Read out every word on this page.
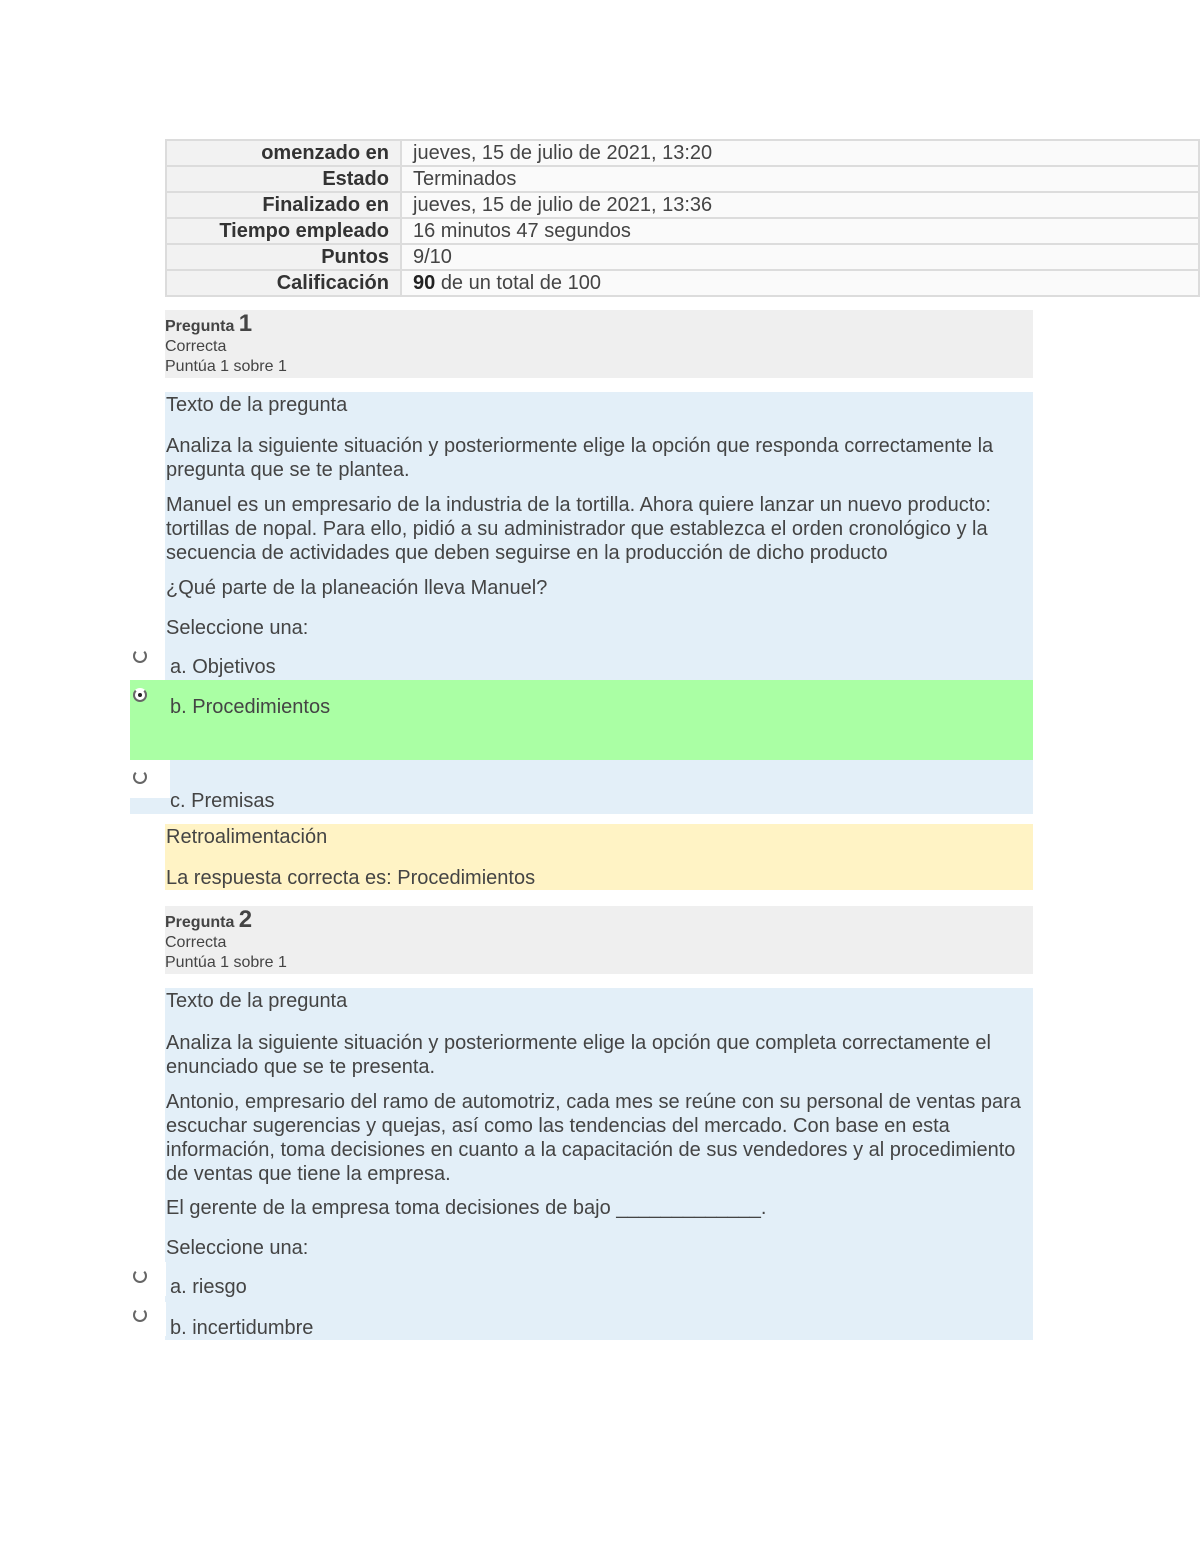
omenzado en	jueves, 15 de julio de 2021, 13:20
Estado	Terminados
Finalizado en	jueves, 15 de julio de 2021, 13:36
Tiempo empleado	16 minutos 47 segundos
Puntos	9/10
Calificación	90 de un total de 100
Pregunta 1
Correcta
Puntúa 1 sobre 1
Texto de la pregunta
Analiza la siguiente situación y posteriormente elige la opción que responda correctamente la pregunta que se te plantea.
Manuel es un empresario de la industria de la tortilla. Ahora quiere lanzar un nuevo producto: tortillas de nopal. Para ello, pidió a su administrador que establezca el orden cronológico y la secuencia de actividades que deben seguirse en la producción de dicho producto
¿Qué parte de la planeación lleva Manuel?
Seleccione una:
a. Objetivos
b. Procedimientos
c. Premisas
Retroalimentación
La respuesta correcta es: Procedimientos
Pregunta 2
Correcta
Puntúa 1 sobre 1
Texto de la pregunta
Analiza la siguiente situación y posteriormente elige la opción que completa correctamente el enunciado que se te presenta.
Antonio, empresario del ramo de automotriz, cada mes se reúne con su personal de ventas para escuchar sugerencias y quejas, así como las tendencias del mercado. Con base en esta información, toma decisiones en cuanto a la capacitación de sus vendedores y al procedimiento de ventas que tiene la empresa.
El gerente de la empresa toma decisiones de bajo _____________.
Seleccione una:
a. riesgo
b. incertidumbre
